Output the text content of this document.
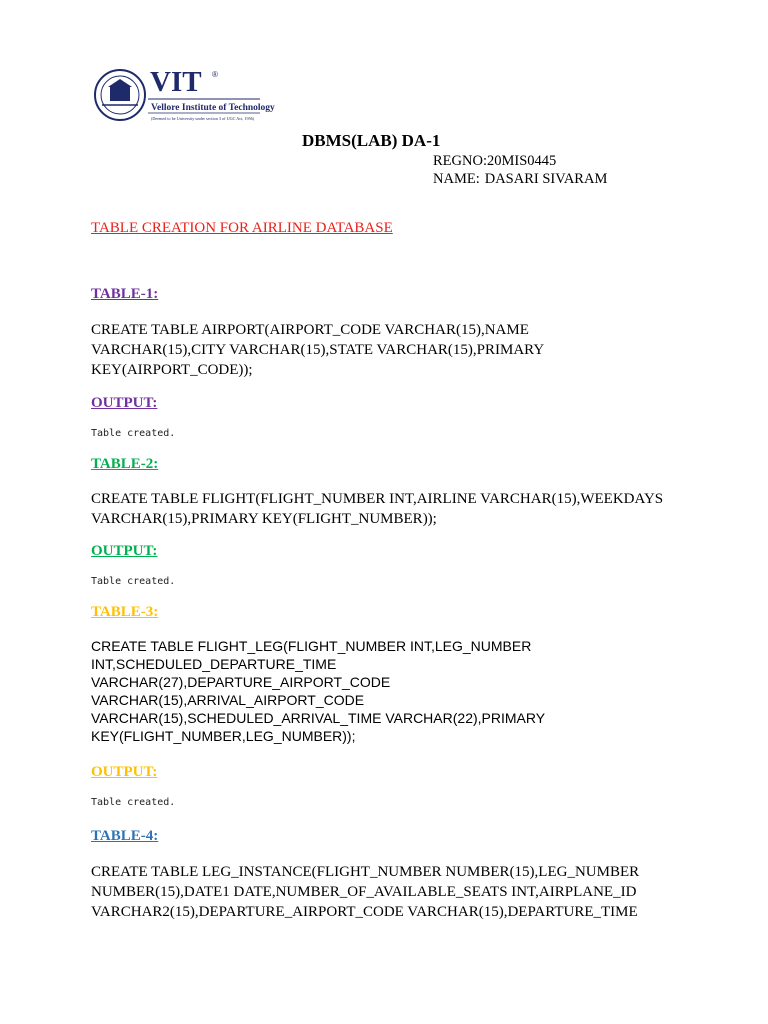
VIT ®
Vellore Institute of Technology
(Deemed to be University under section 3 of UGC Act, 1956)
DBMS(LAB) DA-1
REGNO:20MIS0445
NAME: DASARI SIVARAM
TABLE CREATION FOR AIRLINE DATABASE
TABLE-1:
CREATE TABLE AIRPORT(AIRPORT_CODE VARCHAR(15),NAME
VARCHAR(15),CITY VARCHAR(15),STATE VARCHAR(15),PRIMARY
KEY(AIRPORT_CODE));
OUTPUT:
Table created.
TABLE-2:
CREATE TABLE FLIGHT(FLIGHT_NUMBER INT,AIRLINE VARCHAR(15),WEEKDAYS
VARCHAR(15),PRIMARY KEY(FLIGHT_NUMBER));
OUTPUT:
Table created.
TABLE-3:
CREATE TABLE FLIGHT_LEG(FLIGHT_NUMBER INT,LEG_NUMBER
INT,SCHEDULED_DEPARTURE_TIME
VARCHAR(27),DEPARTURE_AIRPORT_CODE
VARCHAR(15),ARRIVAL_AIRPORT_CODE
VARCHAR(15),SCHEDULED_ARRIVAL_TIME VARCHAR(22),PRIMARY
KEY(FLIGHT_NUMBER,LEG_NUMBER));
OUTPUT:
Table created.
TABLE-4:
CREATE TABLE LEG_INSTANCE(FLIGHT_NUMBER NUMBER(15),LEG_NUMBER
NUMBER(15),DATE1 DATE,NUMBER_OF_AVAILABLE_SEATS INT,AIRPLANE_ID
VARCHAR2(15),DEPARTURE_AIRPORT_CODE VARCHAR(15),DEPARTURE_TIME
